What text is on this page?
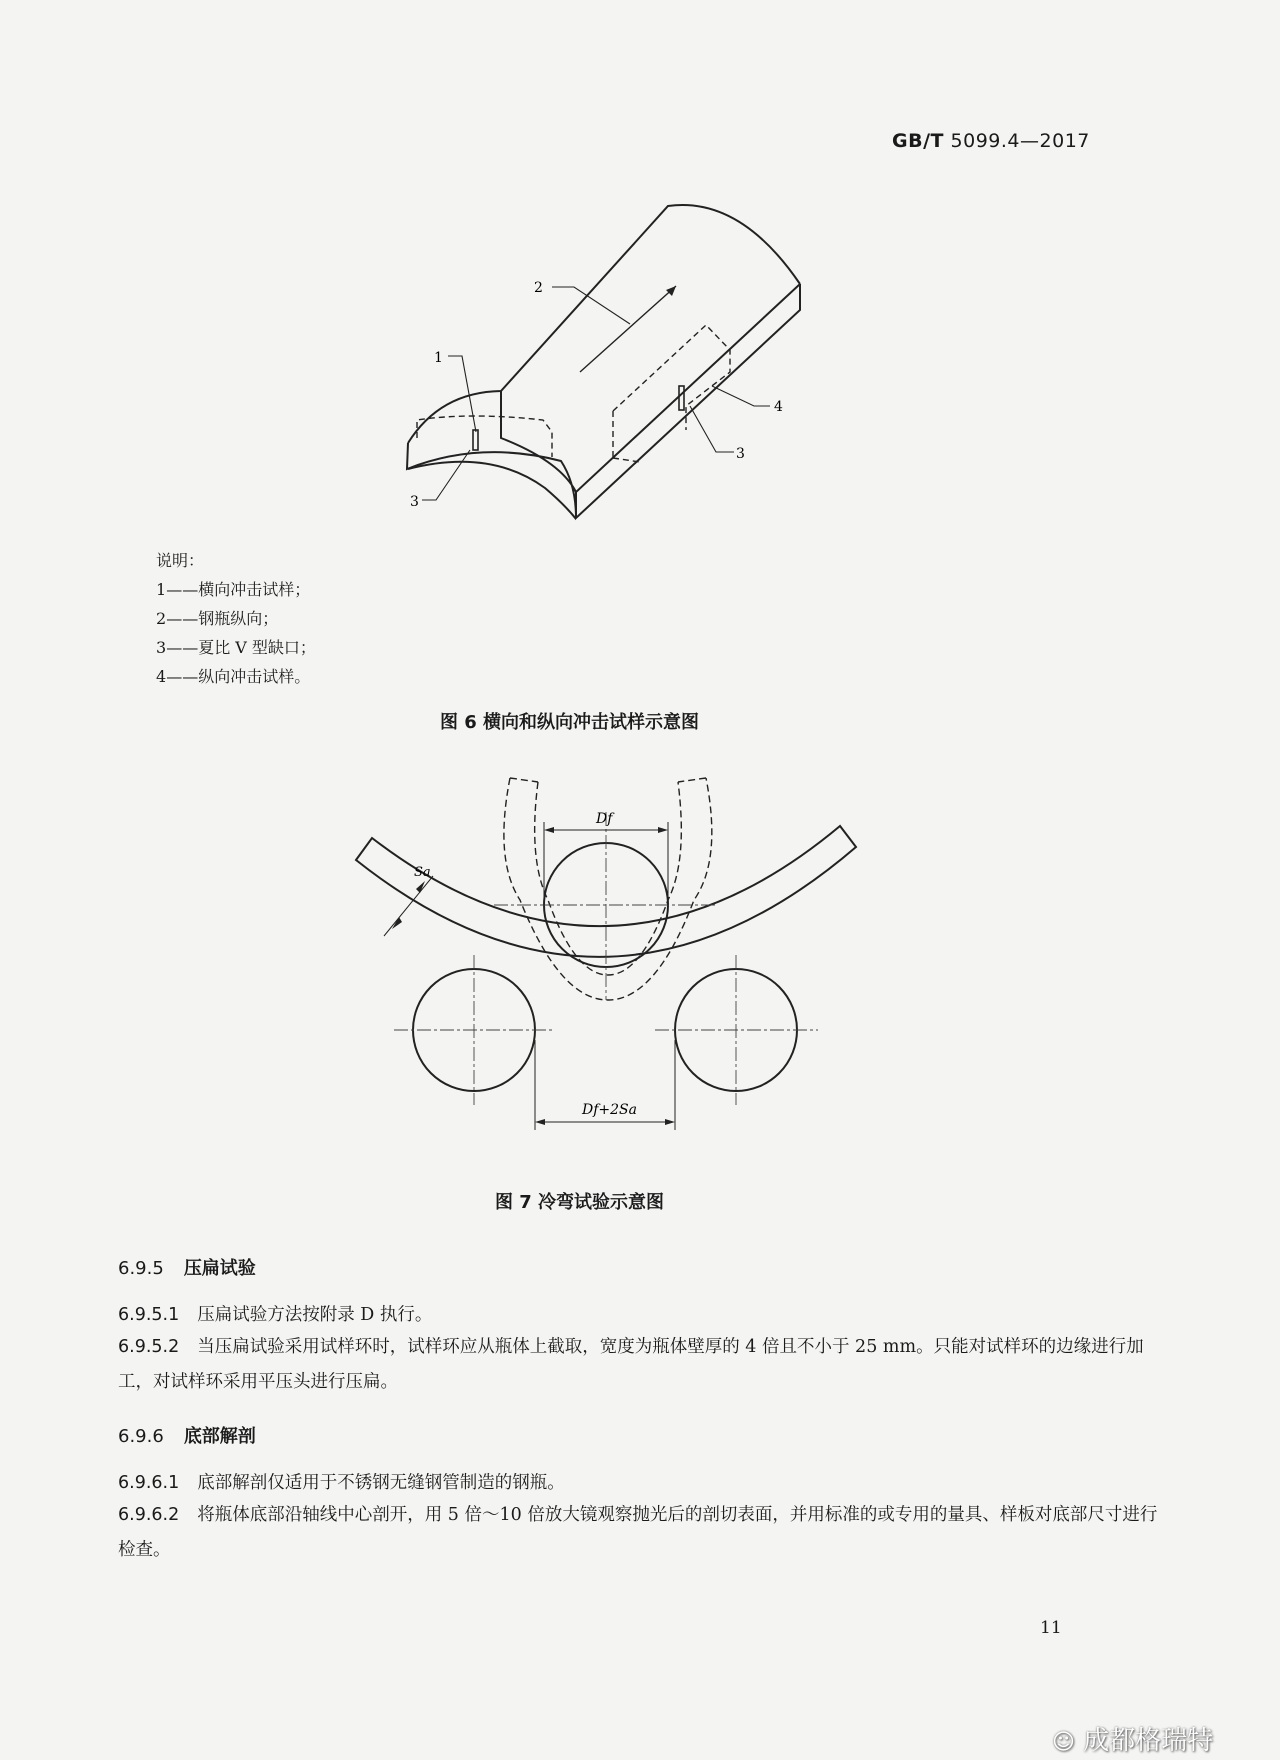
GB/T 5099.4—2017
1
2
3
3
4
说明：
1——横向冲击试样；
2——钢瓶纵向；
3——夏比 V 型缺口；
4——纵向冲击试样。
图 6 横向和纵向冲击试样示意图
Df
Sa
Df+2Sa
图 7 冷弯试验示意图
6.9.5 压扁试验
6.9.5.1 压扁试验方法按附录 D 执行。
6.9.5.2 当压扁试验采用试样环时，试样环应从瓶体上截取，宽度为瓶体壁厚的 4 倍且不小于 25 mm。只能对试样环的边缘进行加工，对试样环采用平压头进行压扁。
6.9.6 底部解剖
6.9.6.1 底部解剖仅适用于不锈钢无缝钢管制造的钢瓶。
6.9.6.2 将瓶体底部沿轴线中心剖开，用 5 倍～10 倍放大镜观察抛光后的剖切表面，并用标准的或专用的量具、样板对底部尺寸进行检查。
11
☺ 成都格瑞特
